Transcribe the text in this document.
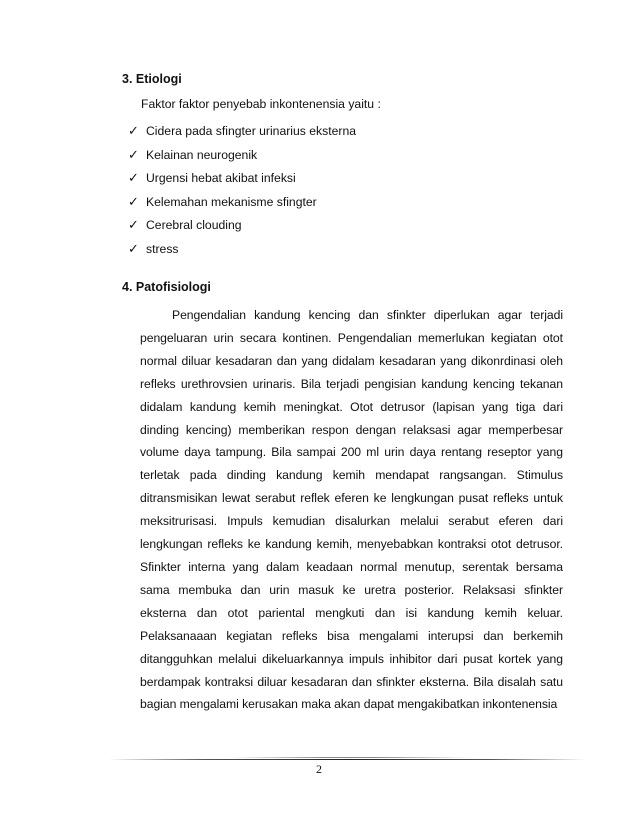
3. Etiologi

Faktor faktor penyebab inkontenensia yaitu :

✓ Cidera pada sfingter urinarius eksterna
✓ Kelainan neurogenik
✓ Urgensi hebat akibat infeksi
✓ Kelemahan mekanisme sfingter
✓ Cerebral clouding
✓ stress
4. Patofisiologi

Pengendalian kandung kencing dan sfinkter diperlukan agar terjadi pengeluaran urin secara kontinen. Pengendalian memerlukan kegiatan otot normal diluar kesadaran dan yang didalam kesadaran yang dikonrdinasi oleh refleks urethrovsien urinaris. Bila terjadi pengisian kandung kencing tekanan didalam kandung kemih meningkat. Otot detrusor (lapisan yang tiga dari dinding kencing) memberikan respon dengan relaksasi agar memperbesar volume daya tampung. Bila sampai 200 ml urin daya rentang reseptor yang terletak pada dinding kandung kemih mendapat rangsangan. Stimulus ditransmisikan lewat serabut reflek eferen ke lengkungan pusat refleks untuk meksitrurisasi. Impuls kemudian disalurkan melalui serabut eferen dari lengkungan refleks ke kandung kemih, menyebabkan kontraksi otot detrusor. Sfinkter interna yang dalam keadaan normal menutup, serentak bersama sama membuka dan urin masuk ke uretra posterior. Relaksasi sfinkter eksterna dan otot pariental mengkuti dan isi kandung kemih keluar. Pelaksanaaan kegiatan refleks bisa mengalami interupsi dan berkemih ditangguhkan melalui dikeluarkannya impuls inhibitor dari pusat kortek yang berdampak kontraksi diluar kesadaran dan sfinkter eksterna. Bila disalah satu bagian mengalami kerusakan maka akan dapat mengakibatkan inkontenensia

2
